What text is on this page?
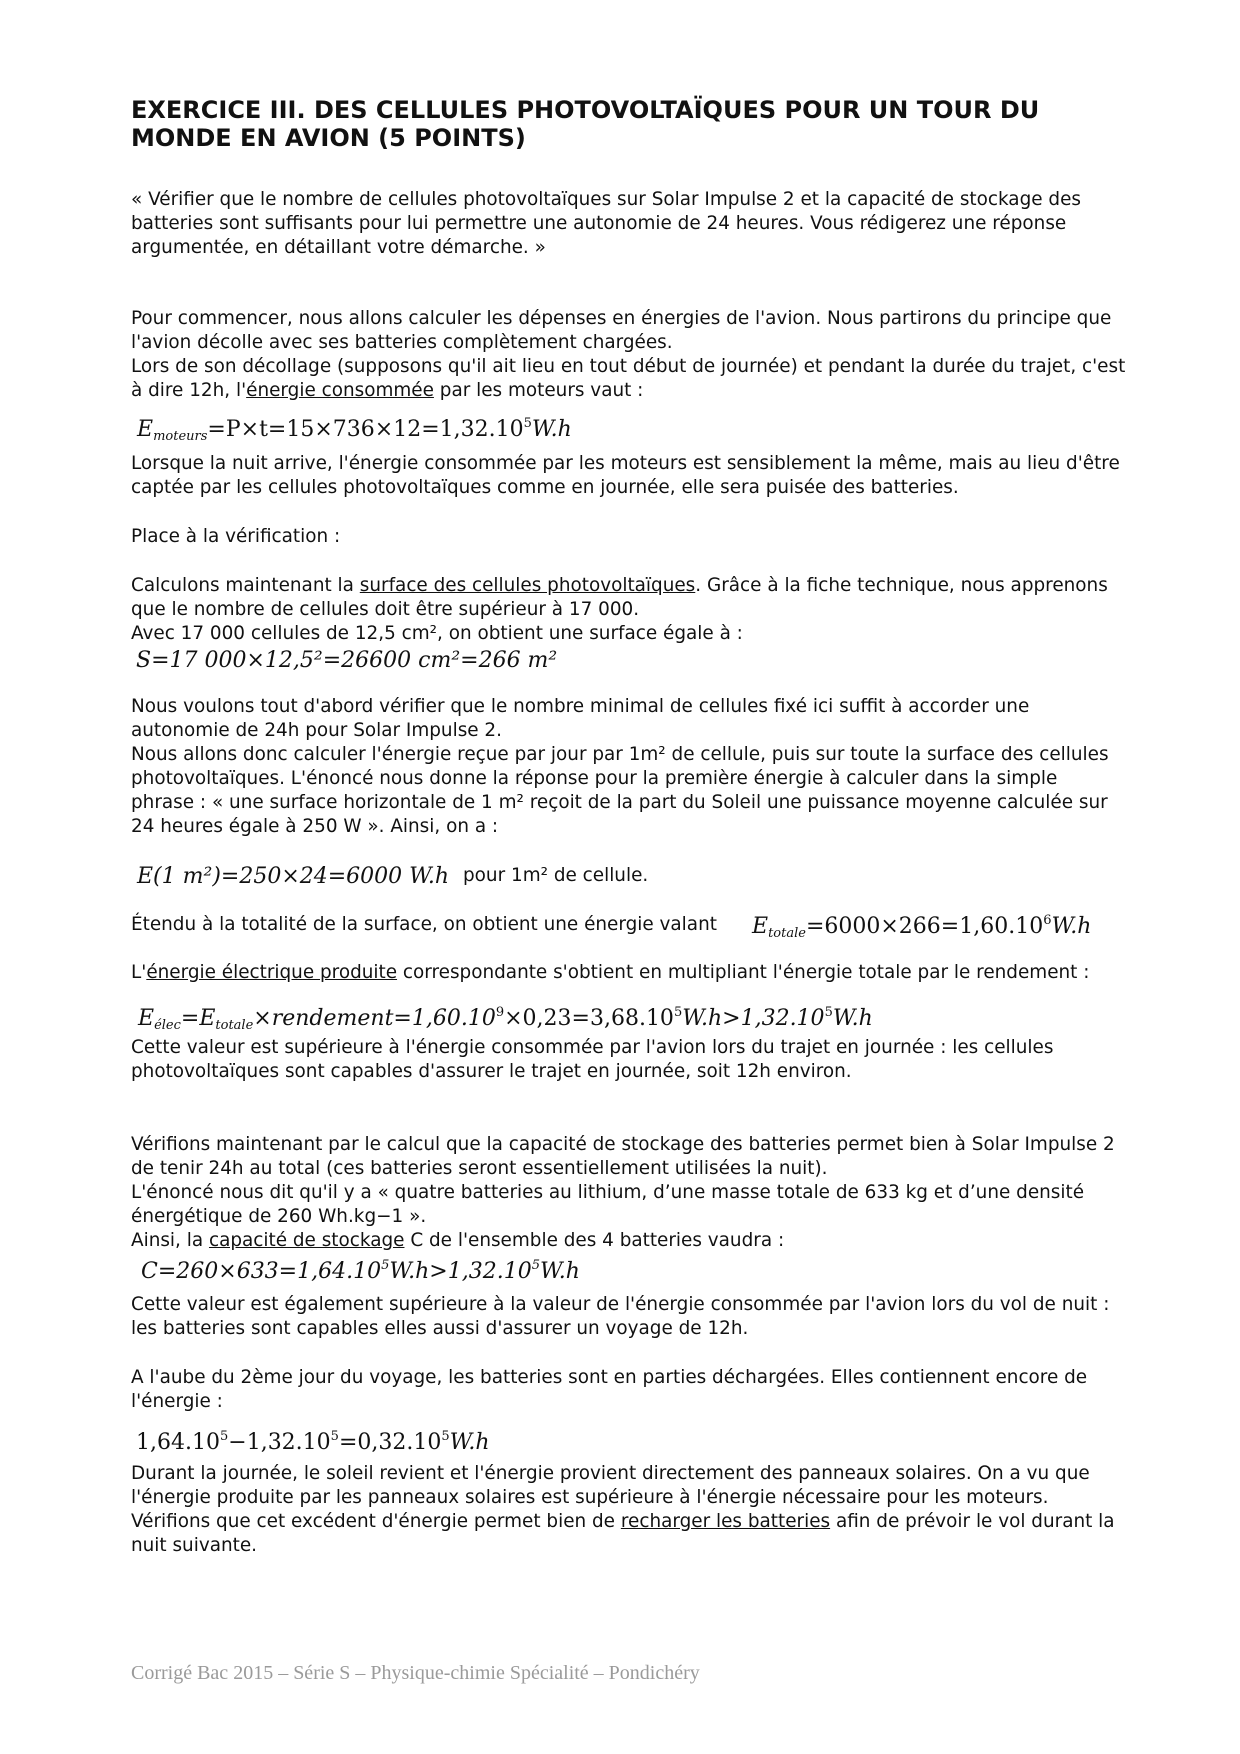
EXERCICE III. DES CELLULES PHOTOVOLTAÏQUES POUR UN TOUR DU MONDE EN AVION (5 POINTS)

« Vérifier que le nombre de cellules photovoltaïques sur Solar Impulse 2 et la capacité de stockage des batteries sont suffisants pour lui permettre une autonomie de 24 heures. Vous rédigerez une réponse argumentée, en détaillant votre démarche. »

Pour commencer, nous allons calculer les dépenses en énergies de l'avion. Nous partirons du principe que l'avion décolle avec ses batteries complètement chargées.

Lors de son décollage (supposons qu'il ait lieu en tout début de journée) et pendant la durée du trajet, c'est à dire 12h, l'énergie consommée par les moteurs vaut :

$E_{moteurs}=P\times t=15\times 736\times 12=1,32.10^5W.h$

Lorsque la nuit arrive, l'énergie consommée par les moteurs est sensiblement la même, mais au lieu d'être captée par les cellules photovoltaïques comme en journée, elle sera puisée des batteries.

Place à la vérification :

Calculons maintenant la surface des cellules photovoltaïques. Grâce à la fiche technique, nous apprenons que le nombre de cellules doit être supérieur à 17 000.

Avec 17 000 cellules de 12,5 cm², on obtient une surface égale à :

S=17 000×12,5²=26600 cm²=266 m²

Nous voulons tout d'abord vérifier que le nombre minimal de cellules fixé ici suffit à accorder une autonomie de 24h pour Solar Impulse 2.

Nous allons donc calculer l'énergie reçue par jour par 1m² de cellule, puis sur toute la surface des cellules photovoltaïques. L'énoncé nous donne la réponse pour la première énergie à calculer dans la simple phrase : « une surface horizontale de 1 m² reçoit de la part du Soleil une puissance moyenne calculée sur 24 heures égale à 250 W ». Ainsi, on a :

E(1 m²)=250×24=6000 W.h pour 1m² de cellule.
Étendu à la totalité de la surface, on obtient une énergie valant $E_{totale}=6000\times 266=1,60.10^6W.h$

L'énergie électrique produite correspondante s'obtient en multipliant l'énergie totale par le rendement :

$E_{élec}=E_{totale}\times rendement=1,60.10^9\times 0,23=3,68.10^5W.h>1,32.10^5W.h$

Cette valeur est supérieure à l'énergie consommée par l'avion lors du trajet en journée : les cellules photovoltaïques sont capables d'assurer le trajet en journée, soit 12h environ.

Vérifions maintenant par le calcul que la capacité de stockage des batteries permet bien à Solar Impulse 2 de tenir 24h au total (ces batteries seront essentiellement utilisées la nuit).

L'énoncé nous dit qu'il y a « quatre batteries au lithium, d’une masse totale de 633 kg et d’une densité énergétique de 260 Wh.kg−1 ».

Ainsi, la capacité de stockage C de l'ensemble des 4 batteries vaudra :

$C=260\times 633=1,64.10^5W.h>1,32.10^5W.h$

Cette valeur est également supérieure à la valeur de l'énergie consommée par l'avion lors du vol de nuit : les batteries sont capables elles aussi d'assurer un voyage de 12h.

A l'aube du 2ème jour du voyage, les batteries sont en parties déchargées. Elles contiennent encore de l'énergie :

$1,64.10^5-1,32.10^5=0,32.10^5W.h$

Durant la journée, le soleil revient et l'énergie provient directement des panneaux solaires. On a vu que l'énergie produite par les panneaux solaires est supérieure à l'énergie nécessaire pour les moteurs.

Vérifions que cet excédent d'énergie permet bien de recharger les batteries afin de prévoir le vol durant la nuit suivante.

Corrigé Bac 2015 – Série S – Physique-chimie Spécialité – Pondichéry
